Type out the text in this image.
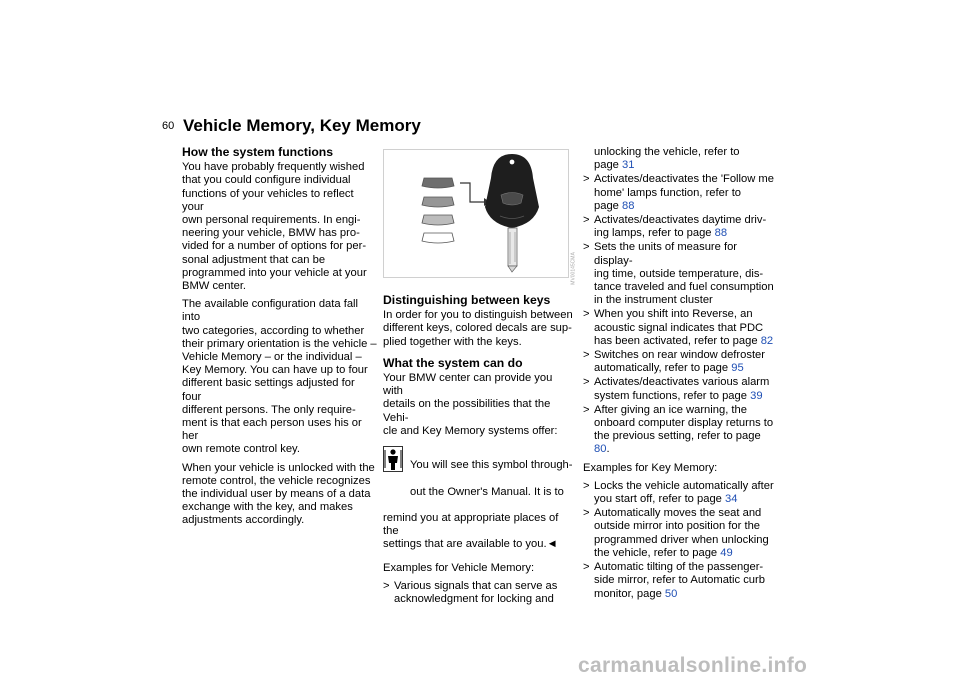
60 Vehicle Memory, Key Memory
How the system functions

You have probably frequently wished
that you could configure individual
functions of your vehicles to reflect your
own personal requirements. In engi-
neering your vehicle, BMW has pro-
vided for a number of options for per-
sonal adjustment that can be
programmed into your vehicle at your
BMW center.

The available configuration data fall into
two categories, according to whether
their primary orientation is the vehicle –
Vehicle Memory – or the individual –
Key Memory. You can have up to four
different basic settings adjusted for four
different persons. The only require-
ment is that each person uses his or her
own remote control key.

When your vehicle is unlocked with the
remote control, the vehicle recognizes
the individual user by means of a data
exchange with the key, and makes
adjustments accordingly.

MV00145CMA
Distinguishing between keys

In order for you to distinguish between
different keys, colored decals are sup-
plied together with the keys.

What the system can do

Your BMW center can provide you with
details on the possibilities that the Vehi-
cle and Key Memory systems offer:

You will see this symbol through-

out the Owner's Manual. It is to

remind you at appropriate places of the
settings that are available to you.◄

Examples for Vehicle Memory:

> Various signals that can serve as
acknowledgment for locking and
unlocking the vehicle, refer to
page 31
> Activates/deactivates the 'Follow me
home' lamps function, refer to
page 88
> Activates/deactivates daytime driv-
ing lamps, refer to page 88
> Sets the units of measure for display-
ing time, outside temperature, dis-
tance traveled and fuel consumption
in the instrument cluster
> When you shift into Reverse, an
acoustic signal indicates that PDC
has been activated, refer to page 82
> Switches on rear window defroster
automatically, refer to page 95
> Activates/deactivates various alarm
system functions, refer to page 39
> After giving an ice warning, the
onboard computer display returns to
the previous setting, refer to page 80.

Examples for Key Memory:

> Locks the vehicle automatically after
you start off, refer to page 34
> Automatically moves the seat and
outside mirror into position for the
programmed driver when unlocking
the vehicle, refer to page 49
> Automatic tilting of the passenger-
side mirror, refer to Automatic curb
monitor, page 50
carmanualsonline.info
